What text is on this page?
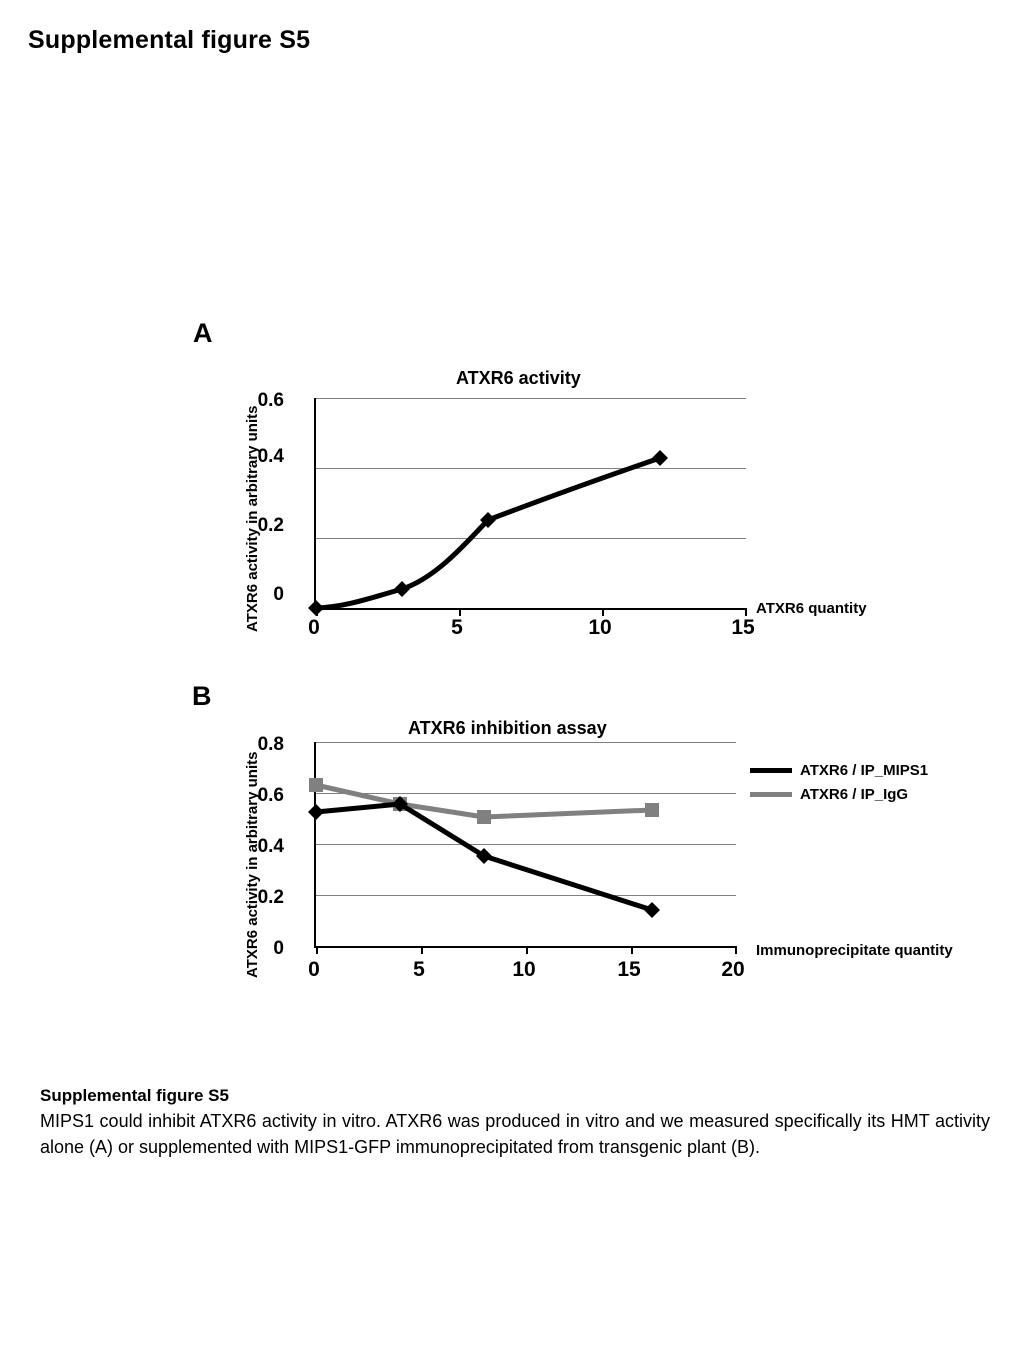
Supplemental figure S5
A
ATXR6 activity in arbitrary units
ATXR6 activity
0
0.2
0.4
0.6
0	5	10	15
ATXR6 quantity
B
ATXR6 activity in arbitrary units
ATXR6 inhibition assay
0
0.2
0.4
0.6
0.8
0	5	10	15	20
Immunoprecipitate quantity
ATXR6 / IP_MIPS1
ATXR6 / IP_IgG
Supplemental figure S5
MIPS1 could inhibit ATXR6 activity in vitro. ATXR6 was produced in vitro and we measured specifically its HMT activity alone (A) or supplemented with MIPS1-GFP immunoprecipitated from transgenic plant (B).
